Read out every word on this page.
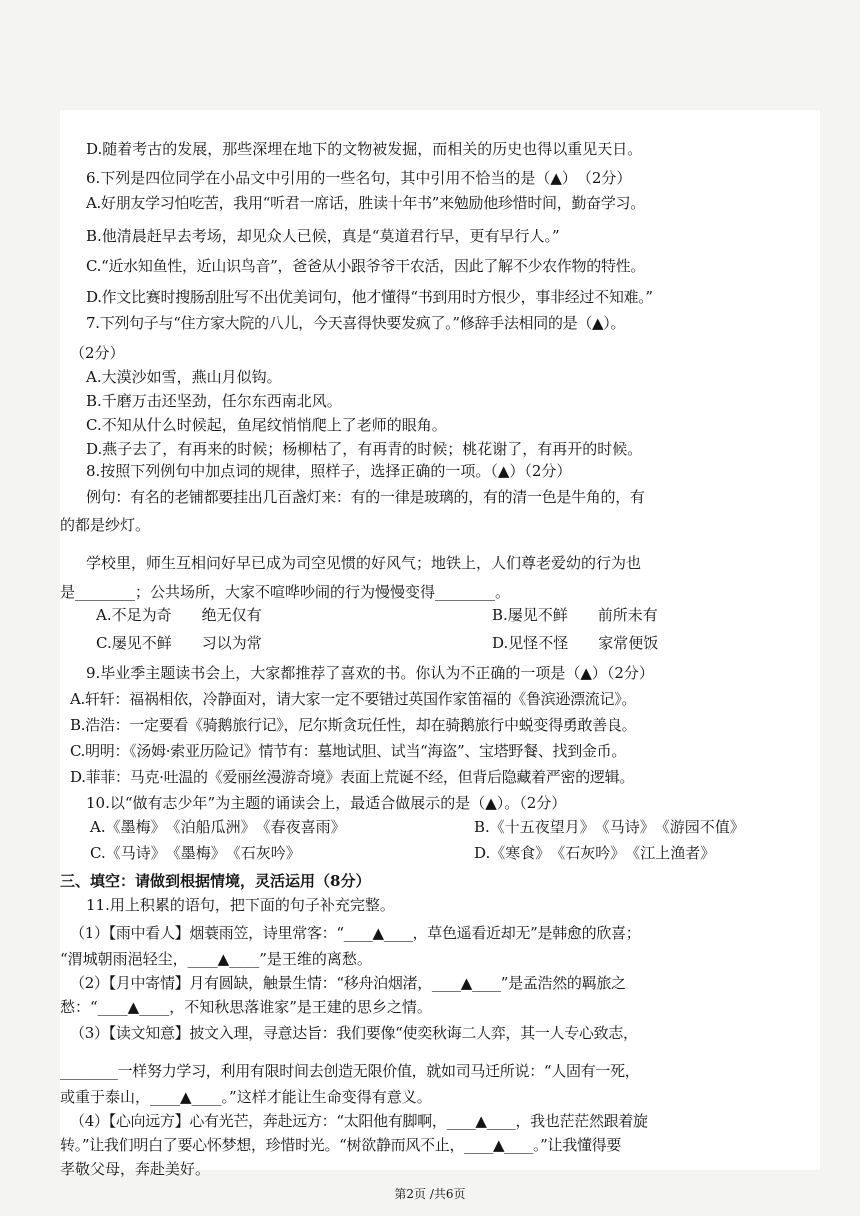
D.随着考古的发展，那些深埋在地下的文物被发掘，而相关的历史也得以重见天日。
6.下列是四位同学在小品文中引用的一些名句，其中引用不恰当的是（▲）　（2分）
A.好朋友学习怕吃苦，我用“听君一席话，胜读十年书”来勉励他珍惜时间，勤奋学习。
B.他清晨赶早去考场，却见众人已候，真是“莫道君行早，更有早行人。”
C.“近水知鱼性，近山识鸟音”，爸爸从小跟爷爷干农活，因此了解不少农作物的特性。
D.作文比赛时搜肠刮肚写不出优美词句，他才懂得“书到用时方恨少，事非经过不知难。”
7.下列句子与“住方家大院的八儿，今天喜得快要发疯了。”修辞手法相同的是（▲）。
（2分）
A.大漠沙如雪，燕山月似钩。
B.千磨万击还坚劲，任尔东西南北风。
C.不知从什么时候起，鱼尾纹悄悄爬上了老师的眼角。
D.燕子去了，有再来的时候；杨柳枯了，有再青的时候；桃花谢了，有再开的时候。
8.按照下列例句中加点词的规律，照样子，选择正确的一项。（▲）（2分）
例句：有名的老铺都要挂出几百盏灯来：有的一律是玻璃的，有的清一色是牛角的，有
的都是纱灯。
学校里，师生互相问好早已成为司空见惯的好风气；地铁上，人们尊老爱幼的行为也
是________；公共场所，大家不喧哗吵闹的行为慢慢变得________。
A.不足为奇　　绝无仅有	B.屡见不鲜　　前所未有
C.屡见不鲜　　习以为常	D.见怪不怪　　家常便饭
9.毕业季主题读书会上，大家都推荐了喜欢的书。你认为不正确的一项是（▲）（2分）
A.轩轩：福祸相依，冷静面对，请大家一定不要错过英国作家笛福的《鲁滨逊漂流记》。
B.浩浩：一定要看《骑鹅旅行记》，尼尔斯贪玩任性，却在骑鹅旅行中蜕变得勇敢善良。
C.明明：《汤姆·索亚历险记》情节有：墓地试胆、试当“海盗”、宝塔野餐、找到金币。
D.菲菲：马克·吐温的《爱丽丝漫游奇境》表面上荒诞不经，但背后隐藏着严密的逻辑。
10.以“做有志少年”为主题的诵读会上，最适合做展示的是（▲）。（2分）
A.《墨梅》　《泊船瓜洲》　《春夜喜雨》	B.《十五夜望月》　《马诗》　《游园不值》
C.《马诗》　《墨梅》　《石灰吟》	D.《寒食》　《石灰吟》　《江上渔者》
三、填空：请做到根据情境，灵活运用（8分）
11.用上积累的语句，把下面的句子补充完整。
（1）【雨中看人】烟蓑雨笠，诗里常客：“____▲____，草色遥看近却无”是韩愈的欣喜；
“渭城朝雨浥轻尘，____▲____”是王维的离愁。
（2）【月中寄情】月有圆缺，触景生情：“移舟泊烟渚，____▲____”是孟浩然的羁旅之
愁：“____▲____，不知秋思落谁家”是王建的思乡之情。
（3）【读文知意】披文入理，寻意达旨：我们要像“使奕秋诲二人弈，其一人专心致志，
________一样努力学习，利用有限时间去创造无限价值，就如司马迁所说：“人固有一死，
或重于泰山，____▲____。”这样才能让生命变得有意义。
（4）【心向远方】心有光芒，奔赴远方：“太阳他有脚啊，____▲____，我也茫茫然跟着旋
转。”让我们明白了要心怀梦想，珍惜时光。“树欲静而风不止，____▲____。”让我懂得要
孝敬父母，奔赴美好。
第2页 /共6页
